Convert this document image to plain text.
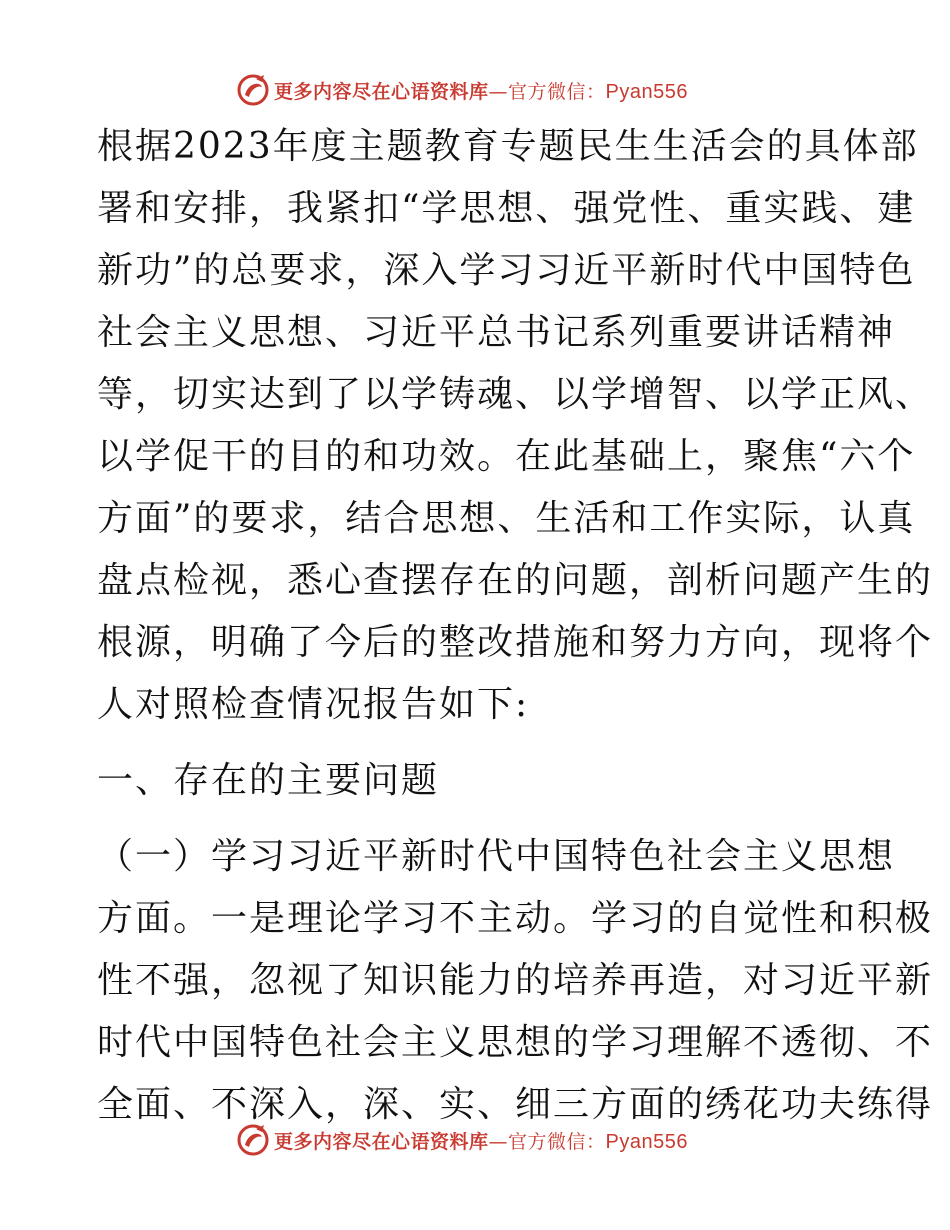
更多内容尽在心语资料库—官方微信：Pyan556
根据2023年度主题教育专题民生生活会的具体部
署和安排，我紧扣“学思想、强党性、重实践、建
新功”的总要求，深入学习习近平新时代中国特色
社会主义思想、习近平总书记系列重要讲话精神
等，切实达到了以学铸魂、以学增智、以学正风、
以学促干的目的和功效。在此基础上，聚焦“六个
方面”的要求，结合思想、生活和工作实际，认真
盘点检视，悉心查摆存在的问题，剖析问题产生的
根源，明确了今后的整改措施和努力方向，现将个
人对照检查情况报告如下:
一、存在的主要问题
（一）学习习近平新时代中国特色社会主义思想
方面。一是理论学习不主动。学习的自觉性和积极
性不强，忽视了知识能力的培养再造，对习近平新
时代中国特色社会主义思想的学习理解不透彻、不
全面、不深入，深、实、细三方面的绣花功夫练得
更多内容尽在心语资料库—官方微信：Pyan556
